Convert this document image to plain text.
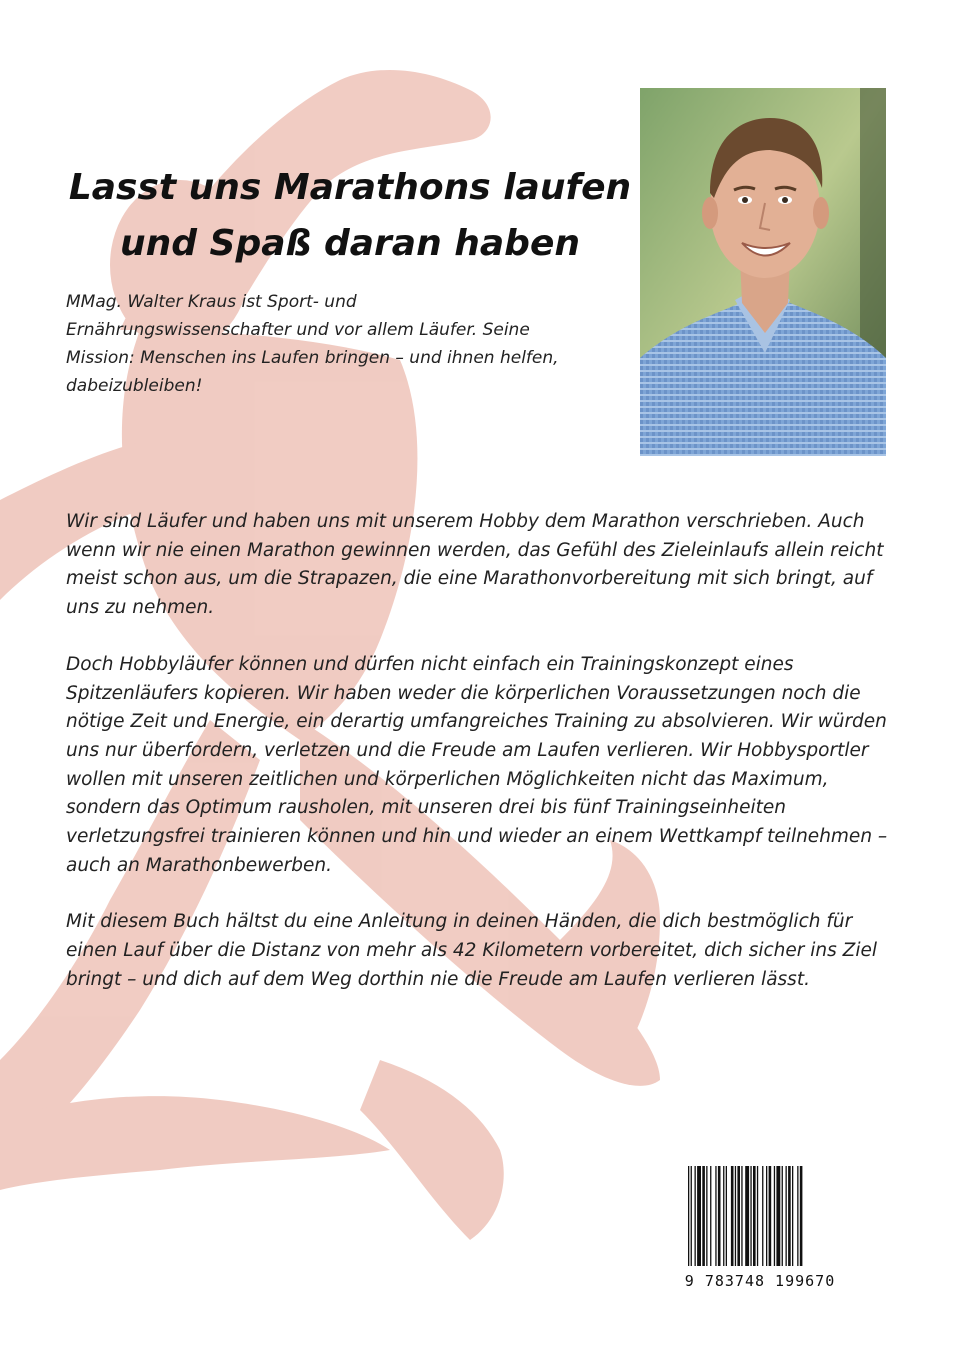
Lasst uns Marathons laufen
und Spaß daran haben
MMag. Walter Kraus ist Sport- und Ernährungswissenschafter und vor allem Läufer. Seine Mission: Menschen ins Laufen bringen – und ihnen helfen, dabeizubleiben!

Wir sind Läufer und haben uns mit unserem Hobby dem Marathon verschrieben. Auch wenn wir nie einen Marathon gewinnen werden, das Gefühl des Zieleinlaufs allein reicht meist schon aus, um die Strapazen, die eine Marathonvorbereitung mit sich bringt, auf uns zu nehmen.

Doch Hobbyläufer können und dürfen nicht einfach ein Trainingskonzept eines Spitzenläufers kopieren. Wir haben weder die körperlichen Voraussetzungen noch die nötige Zeit und Energie, ein derartig umfangreiches Training zu absolvieren. Wir würden uns nur überfordern, verletzen und die Freude am Laufen verlieren. Wir Hobbysportler wollen mit unseren zeitlichen und körperlichen Möglichkeiten nicht das Maximum, sondern das Optimum rausholen, mit unseren drei bis fünf Trainingseinheiten verletzungsfrei trainieren können und hin und wieder an einem Wettkampf teilnehmen – auch an Marathonbewerben.

Mit diesem Buch hältst du eine Anleitung in deinen Händen, die dich bestmöglich für einen Lauf über die Distanz von mehr als 42 Kilometern vorbereitet, dich sicher ins Ziel bringt – und dich auf dem Weg dorthin nie die Freude am Laufen verlieren lässt.

9 783748 199670
